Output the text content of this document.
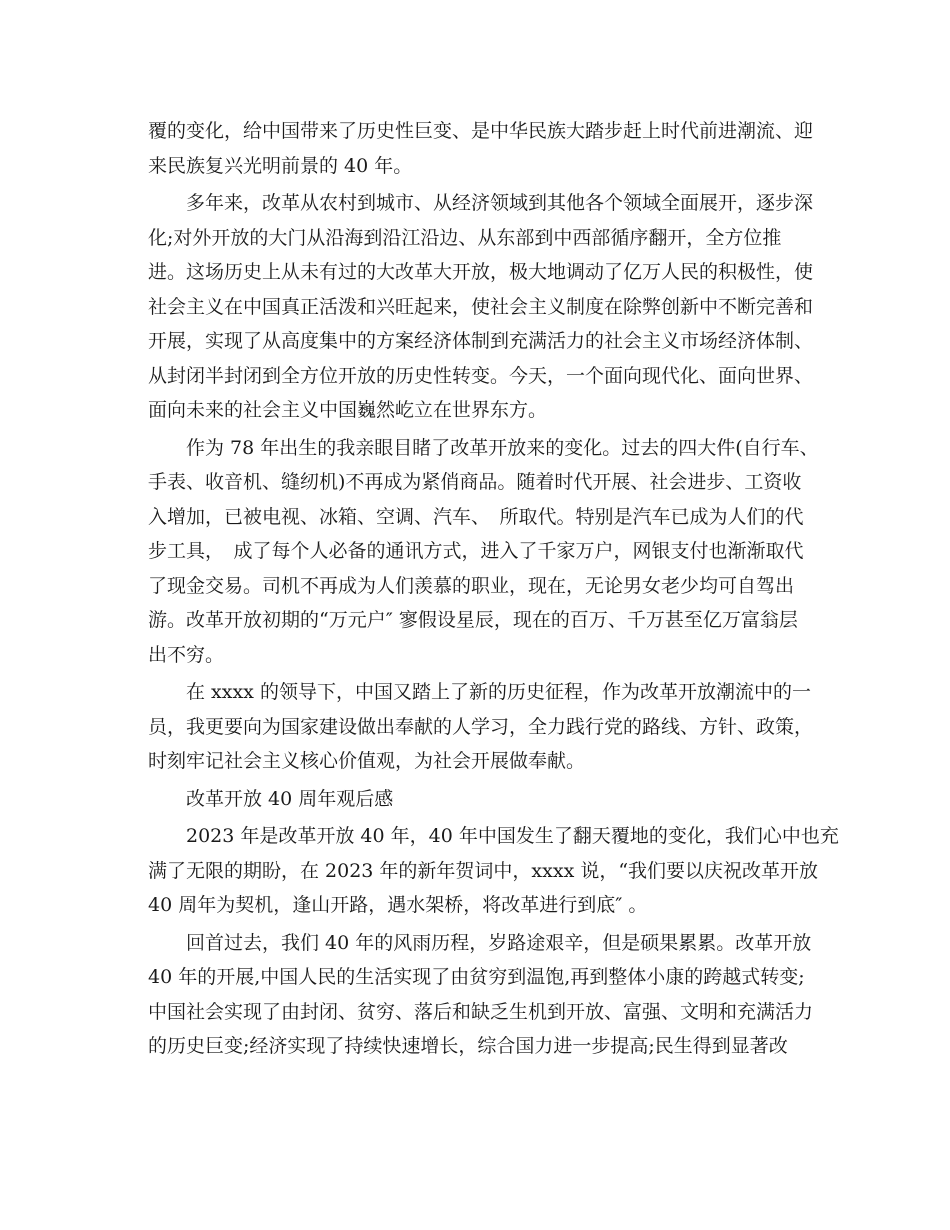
覆的变化，给中国带来了历史性巨变、是中华民族大踏步赶上时代前进潮流、迎
来民族复兴光明前景的 40 年。
多年来，改革从农村到城市、从经济领域到其他各个领域全面展开，逐步深
化;对外开放的大门从沿海到沿江沿边、从东部到中西部循序翻开，全方位推
进。这场历史上从未有过的大改革大开放，极大地调动了亿万人民的积极性，使
社会主义在中国真正活泼和兴旺起来，使社会主义制度在除弊创新中不断完善和
开展，实现了从高度集中的方案经济体制到充满活力的社会主义市场经济体制、
从封闭半封闭到全方位开放的历史性转变。今天，一个面向现代化、面向世界、
面向未来的社会主义中国巍然屹立在世界东方。
作为 78 年出生的我亲眼目睹了改革开放来的变化。过去的四大件(自行车、
手表、收音机、缝纫机)不再成为紧俏商品。随着时代开展、社会进步、工资收
入增加，已被电视、冰箱、空调、汽车、　所取代。特别是汽车已成为人们的代
步工具，　成了每个人必备的通讯方式，进入了千家万户，网银支付也渐渐取代
了现金交易。司机不再成为人们羡慕的职业，现在，无论男女老少均可自驾出
游。改革开放初期的“万元户″ 寥假设星辰，现在的百万、千万甚至亿万富翁层
出不穷。
在 xxxx 的领导下，中国又踏上了新的历史征程，作为改革开放潮流中的一
员，我更要向为国家建设做出奉献的人学习，全力践行党的路线、方针、政策，
时刻牢记社会主义核心价值观，为社会开展做奉献。
改革开放 40 周年观后感
2023 年是改革开放 40 年，40 年中国发生了翻天覆地的变化，我们心中也充
满了无限的期盼，在 2023 年的新年贺词中，xxxx 说，“我们要以庆祝改革开放
40 周年为契机，逢山开路，遇水架桥，将改革进行到底″ 。
回首过去，我们 40 年的风雨历程，岁路途艰辛，但是硕果累累。改革开放
40 年的开展,中国人民的生活实现了由贫穷到温饱,再到整体小康的跨越式转变;
中国社会实现了由封闭、贫穷、落后和缺乏生机到开放、富强、文明和充满活力
的历史巨变;经济实现了持续快速增长，综合国力进一步提高;民生得到显著改
